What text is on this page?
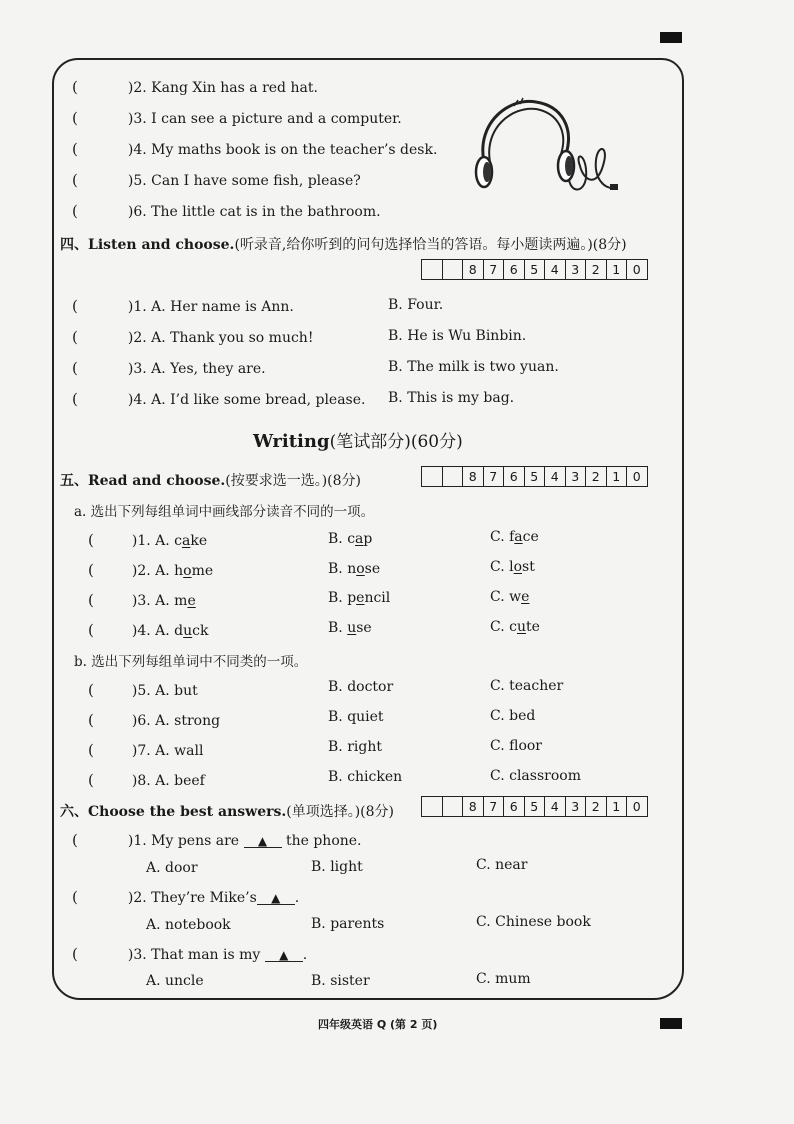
(	)2. Kang Xin has a red hat.
(	)3. I can see a picture and a computer.
(	)4. My maths book is on the teacher’s desk.
(	)5. Can I have some fish, please?
(	)6. The little cat is in the bathroom.
四、Listen and choose.(听录音,给你听到的问句选择恰当的答语。每小题读两遍。)(8分)
8	7	6	5	4	3	2	1	0
(	)1. A. Her name is Ann.	B. Four.
(	)2. A. Thank you so much!	B. He is Wu Binbin.
(	)3. A. Yes, they are.	B. The milk is two yuan.
(	)4. A. I’d like some bread, please. B. This is my bag.
Writing(笔试部分)(60分)
五、Read and choose.(按要求选一选。)(8分)	8	7	6	5	4	3	2	1	0
a. 选出下列每组单词中画线部分读音不同的一项。
(	)1. A. cake	B. cap	C. face
(	)2. A. home	B. nose	C. lost
(	)3. A. me	B. pencil	C. we
(	)4. A. duck	B. use	C. cute
b. 选出下列每组单词中不同类的一项。
(	)5. A. but	B. doctor	C. teacher
(	)6. A. strong	B. quiet	C. bed
(	)7. A. wall	B. right	C. floor
(	)8. A. beef	B. chicken	C. classroom
六、Choose the best answers.(单项选择。)(8分)	8	7	6	5	4	3	2	1	0
(	)1. My pens are ▲ the phone.
A. door	B. light	C. near
(	)2. They’re Mike’s ▲ .
A. notebook	B. parents	C. Chinese book
(	)3. That man is my ▲ .
A. uncle	B. sister	C. mum
四年级英语 Q (第 2 页)
